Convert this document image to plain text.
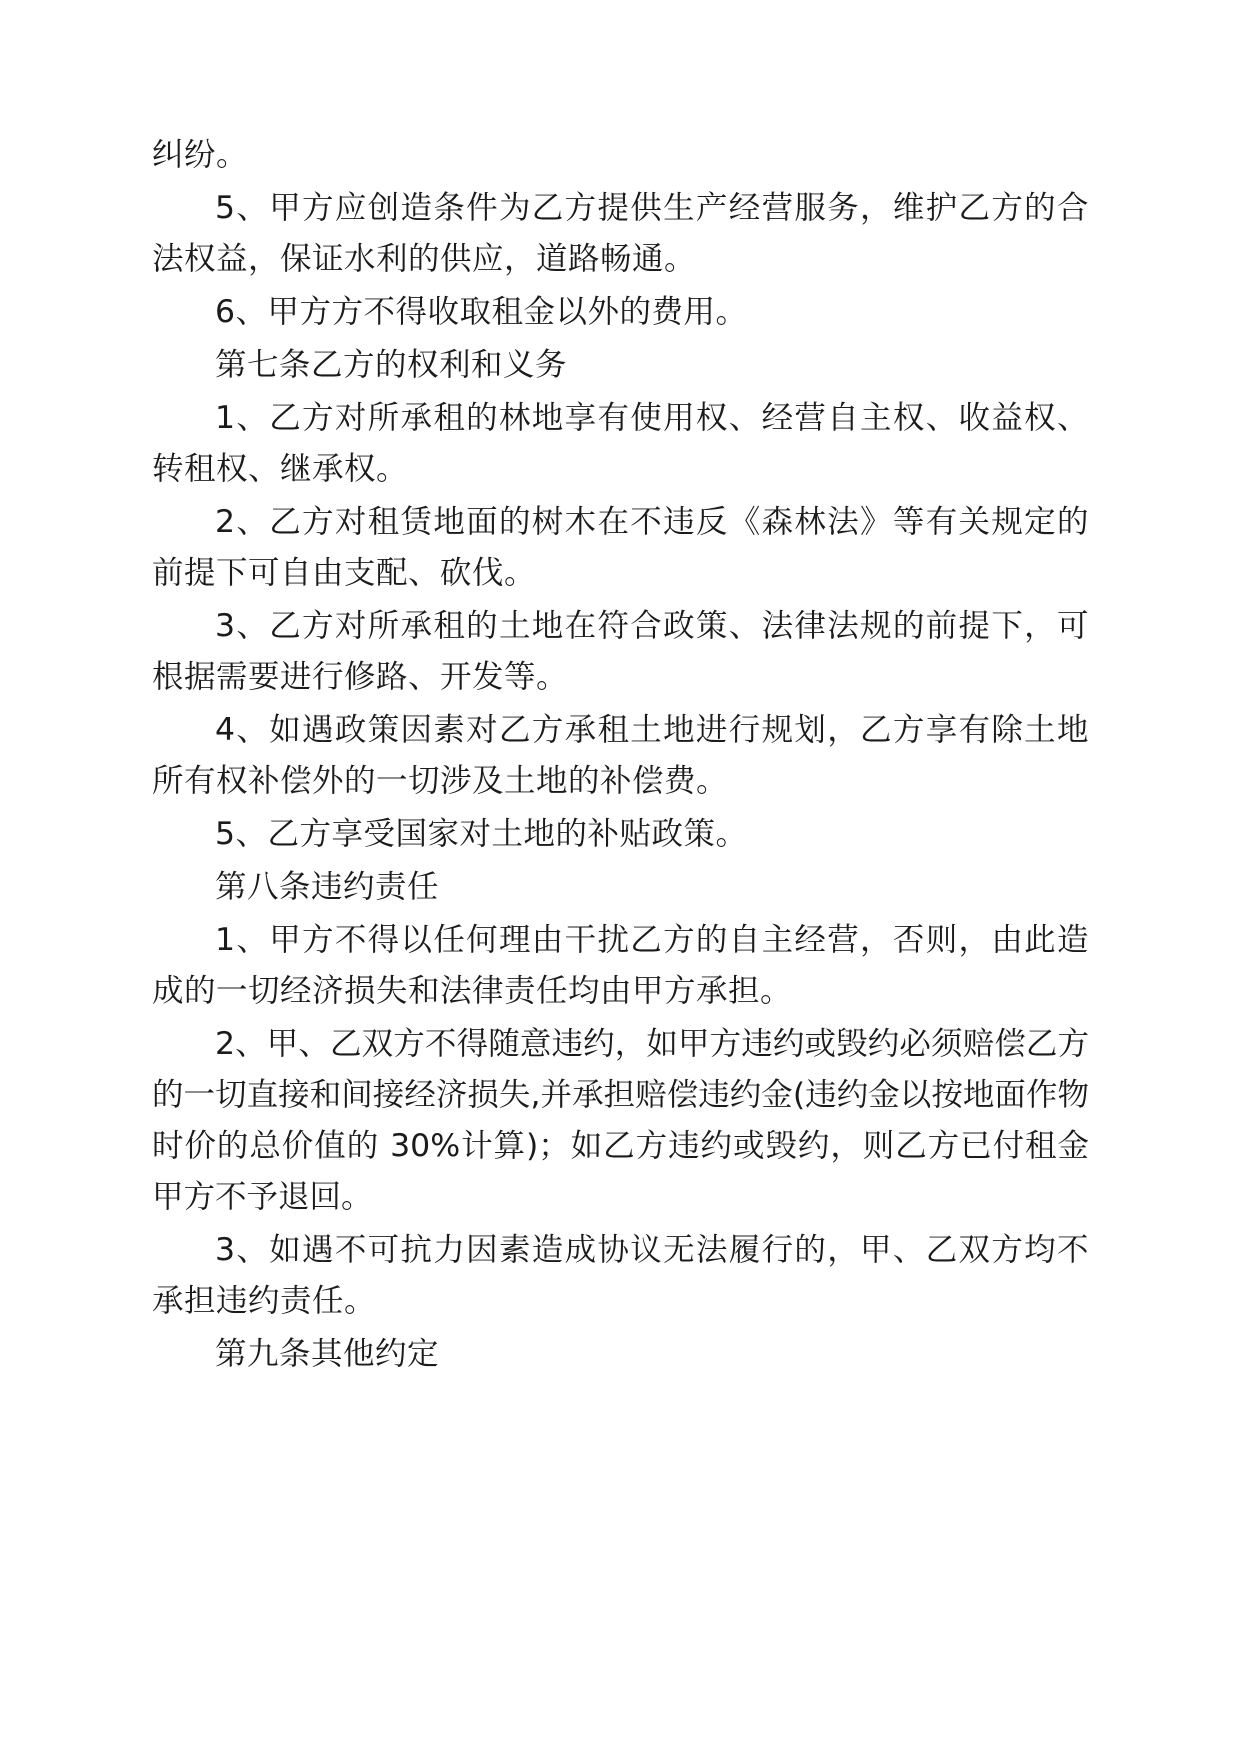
纠纷。

5、甲方应创造条件为乙方提供生产经营服务，维护乙方的合法权益，保证水利的供应，道路畅通。

6、甲方方不得收取租金以外的费用。

第七条乙方的权利和义务

1、乙方对所承租的林地享有使用权、经营自主权、收益权、转租权、继承权。

2、乙方对租赁地面的树木在不违反《森林法》等有关规定的前提下可自由支配、砍伐。

3、乙方对所承租的土地在符合政策、法律法规的前提下，可根据需要进行修路、开发等。

4、如遇政策因素对乙方承租土地进行规划，乙方享有除土地所有权补偿外的一切涉及土地的补偿费。

5、乙方享受国家对土地的补贴政策。

第八条违约责任

1、甲方不得以任何理由干扰乙方的自主经营，否则，由此造成的一切经济损失和法律责任均由甲方承担。

2、甲、乙双方不得随意违约，如甲方违约或毁约必须赔偿乙方的一切直接和间接经济损失,并承担赔偿违约金(违约金以按地面作物时价的总价值的 30%计算)；如乙方违约或毁约，则乙方已付租金甲方不予退回。

3、如遇不可抗力因素造成协议无法履行的，甲、乙双方均不承担违约责任。

第九条其他约定
